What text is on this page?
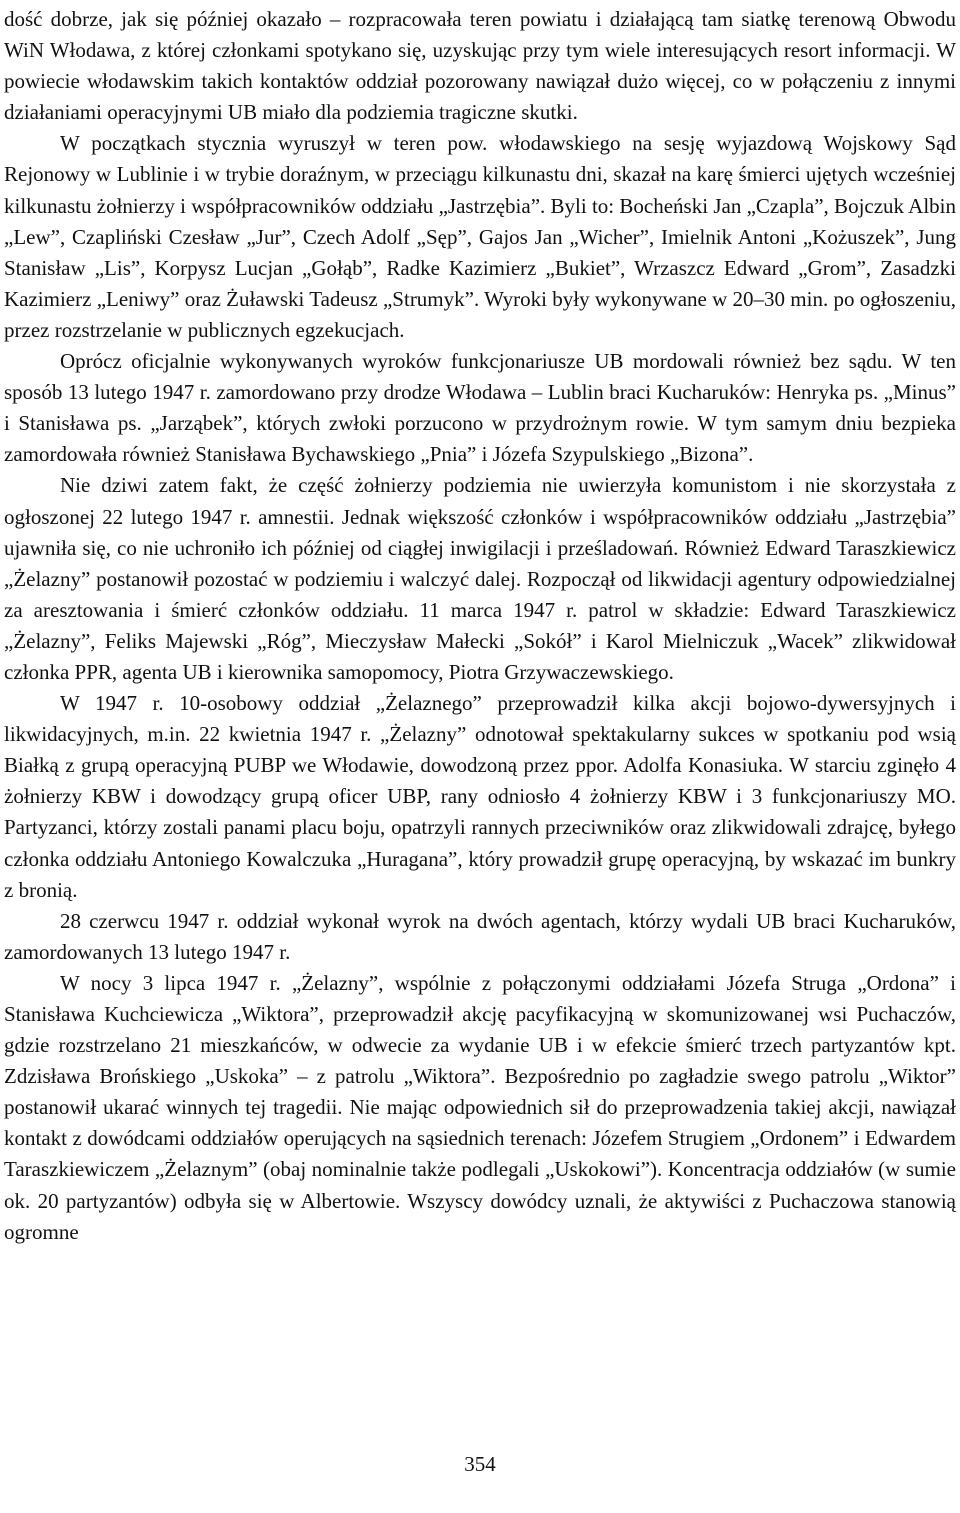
dość dobrze, jak się później okazało – rozpracowała teren powiatu i działającą tam siatkę terenową Obwodu WiN Włodawa, z której członkami spotykano się, uzyskując przy tym wiele interesujących resort informacji. W powiecie włodawskim takich kontaktów oddział pozorowany nawiązał dużo więcej, co w połączeniu z innymi działaniami operacyjnymi UB miało dla podziemia tragiczne skutki.

W początkach stycznia wyruszył w teren pow. włodawskiego na sesję wyjazdową Wojskowy Sąd Rejonowy w Lublinie i w trybie doraźnym, w przeciągu kilkunastu dni, skazał na karę śmierci ujętych wcześniej kilkunastu żołnierzy i współpracowników oddziału „Jastrzębia”. Byli to: Bocheński Jan „Czapla”, Bojczuk Albin „Lew”, Czapliński Czesław „Jur”, Czech Adolf „Sęp”, Gajos Jan „Wicher”, Imielnik Antoni „Kożuszek”, Jung Stanisław „Lis”, Korpysz Lucjan „Gołąb”, Radke Kazimierz „Bukiet”, Wrzaszcz Edward „Grom”, Zasadzki Kazimierz „Leniwy” oraz Żuławski Tadeusz „Strumyk”. Wyroki były wykonywane w 20–30 min. po ogłoszeniu, przez rozstrzelanie w publicznych egzekucjach.

Oprócz oficjalnie wykonywanych wyroków funkcjonariusze UB mordowali również bez sądu. W ten sposób 13 lutego 1947 r. zamordowano przy drodze Włodawa – Lublin braci Kucharuków: Henryka ps. „Minus” i Stanisława ps. „Jarząbek”, których zwłoki porzucono w przydrożnym rowie. W tym samym dniu bezpieka zamordowała również Stanisława Bychawskiego „Pnia” i Józefa Szypulskiego „Bizona”.

Nie dziwi zatem fakt, że część żołnierzy podziemia nie uwierzyła komunistom i nie skorzystała z ogłoszonej 22 lutego 1947 r. amnestii. Jednak większość członków i współpracowników oddziału „Jastrzębia” ujawniła się, co nie uchroniło ich później od ciągłej inwigilacji i prześladowań. Również Edward Taraszkiewicz „Żelazny” postanowił pozostać w podziemiu i walczyć dalej. Rozpoczął od likwidacji agentury odpowiedzialnej za aresztowania i śmierć członków oddziału. 11 marca 1947 r. patrol w składzie: Edward Taraszkiewicz „Żelazny”, Feliks Majewski „Róg”, Mieczysław Małecki „Sokół” i Karol Mielniczuk „Wacek” zlikwidował członka PPR, agenta UB i kierownika samopomocy, Piotra Grzywaczewskiego.

W 1947 r. 10-osobowy oddział „Żelaznego” przeprowadził kilka akcji bojowo-dywersyjnych i likwidacyjnych, m.in. 22 kwietnia 1947 r. „Żelazny” odnotował spektakularny sukces w spotkaniu pod wsią Białką z grupą operacyjną PUBP we Włodawie, dowodzoną przez ppor. Adolfa Konasiuka. W starciu zginęło 4 żołnierzy KBW i dowodzący grupą oficer UBP, rany odniosło 4 żołnierzy KBW i 3 funkcjonariuszy MO. Partyzanci, którzy zostali panami placu boju, opatrzyli rannych przeciwników oraz zlikwidowali zdrajcę, byłego członka oddziału Antoniego Kowalczuka „Huragana”, który prowadził grupę operacyjną, by wskazać im bunkry z bronią.

28 czerwcu 1947 r. oddział wykonał wyrok na dwóch agentach, którzy wydali UB braci Kucharuków, zamordowanych 13 lutego 1947 r.

W nocy 3 lipca 1947 r. „Żelazny”, wspólnie z połączonymi oddziałami Józefa Struga „Ordona” i Stanisława Kuchciewicza „Wiktora”, przeprowadził akcję pacyfikacyjną w skomunizowanej wsi Puchaczów, gdzie rozstrzelano 21 mieszkańców, w odwecie za wydanie UB i w efekcie śmierć trzech partyzantów kpt. Zdzisława Brońskiego „Uskoka” – z patrolu „Wiktora”. Bezpośrednio po zagładzie swego patrolu „Wiktor” postanowił ukarać winnych tej tragedii. Nie mając odpowiednich sił do przeprowadzenia takiej akcji, nawiązał kontakt z dowódcami oddziałów operujących na sąsiednich terenach: Józefem Strugiem „Ordonem” i Edwardem Taraszkiewiczem „Żelaznym” (obaj nominalnie także podlegali „Uskokowi”). Koncentracja oddziałów (w sumie ok. 20 partyzantów) odbyła się w Albertowie. Wszyscy dowódcy uznali, że aktywiści z Puchaczowa stanowią ogromne

354
